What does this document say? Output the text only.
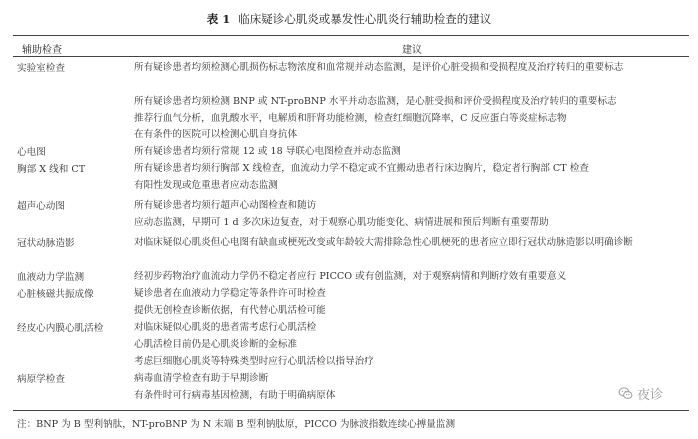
表 1 临床疑诊心肌炎或暴发性心肌炎行辅助检查的建议
辅助检查	建议
实验室检查	所有疑诊患者均须检测心肌损伤标志物浓度和血常规并动态监测，是评价心脏受损和受损程度及治疗转归的重要标志
所有疑诊患者均须检测 BNP 或 NT-proBNP 水平并动态监测，是心脏受损和评价受损程度及治疗转归的重要标志
推荐行血气分析，血乳酸水平，电解质和肝肾功能检测，检查红细胞沉降率，C 反应蛋白等炎症标志物
在有条件的医院可以检测心肌自身抗体
心电图	所有疑诊患者均须行常规 12 或 18 导联心电图检查并动态监测
胸部 X 线和 CT	所有疑诊患者均须行胸部 X 线检查，血流动力学不稳定或不宜搬动患者行床边胸片，稳定者行胸部 CT 检查
有阳性发现或危重患者应动态监测
超声心动图	所有疑诊患者均须行超声心动图检查和随访
应动态监测，早期可 1 d 多次床边复查，对于观察心肌功能变化、病情进展和预后判断有重要帮助
冠状动脉造影	对临床疑似心肌炎但心电图有缺血或梗死改变或年龄较大需排除急性心肌梗死的患者应立即行冠状动脉造影以明确诊断
血液动力学监测	经初步药物治疗血流动力学仍不稳定者应行 PICCO 或有创监测，对于观察病情和判断疗效有重要意义
心脏核磁共振成像	疑诊患者在血液动力学稳定等条件许可时检查
提供无创检查诊断依据，有代替心肌活检可能
经皮心内膜心肌活检	对临床疑似心肌炎的患者需考虑行心肌活检
心肌活检目前仍是心肌炎诊断的金标准
考虑巨细胞心肌炎等特殊类型时应行心肌活检以指导治疗
病原学检查	病毒血清学检查有助于早期诊断
有条件时可行病毒基因检测，有助于明确病原体	夜诊
注：BNP 为 B 型利钠肽，NT-proBNP 为 N 末端 B 型利钠肽原，PICCO 为脉波指数连续心搏量监测
